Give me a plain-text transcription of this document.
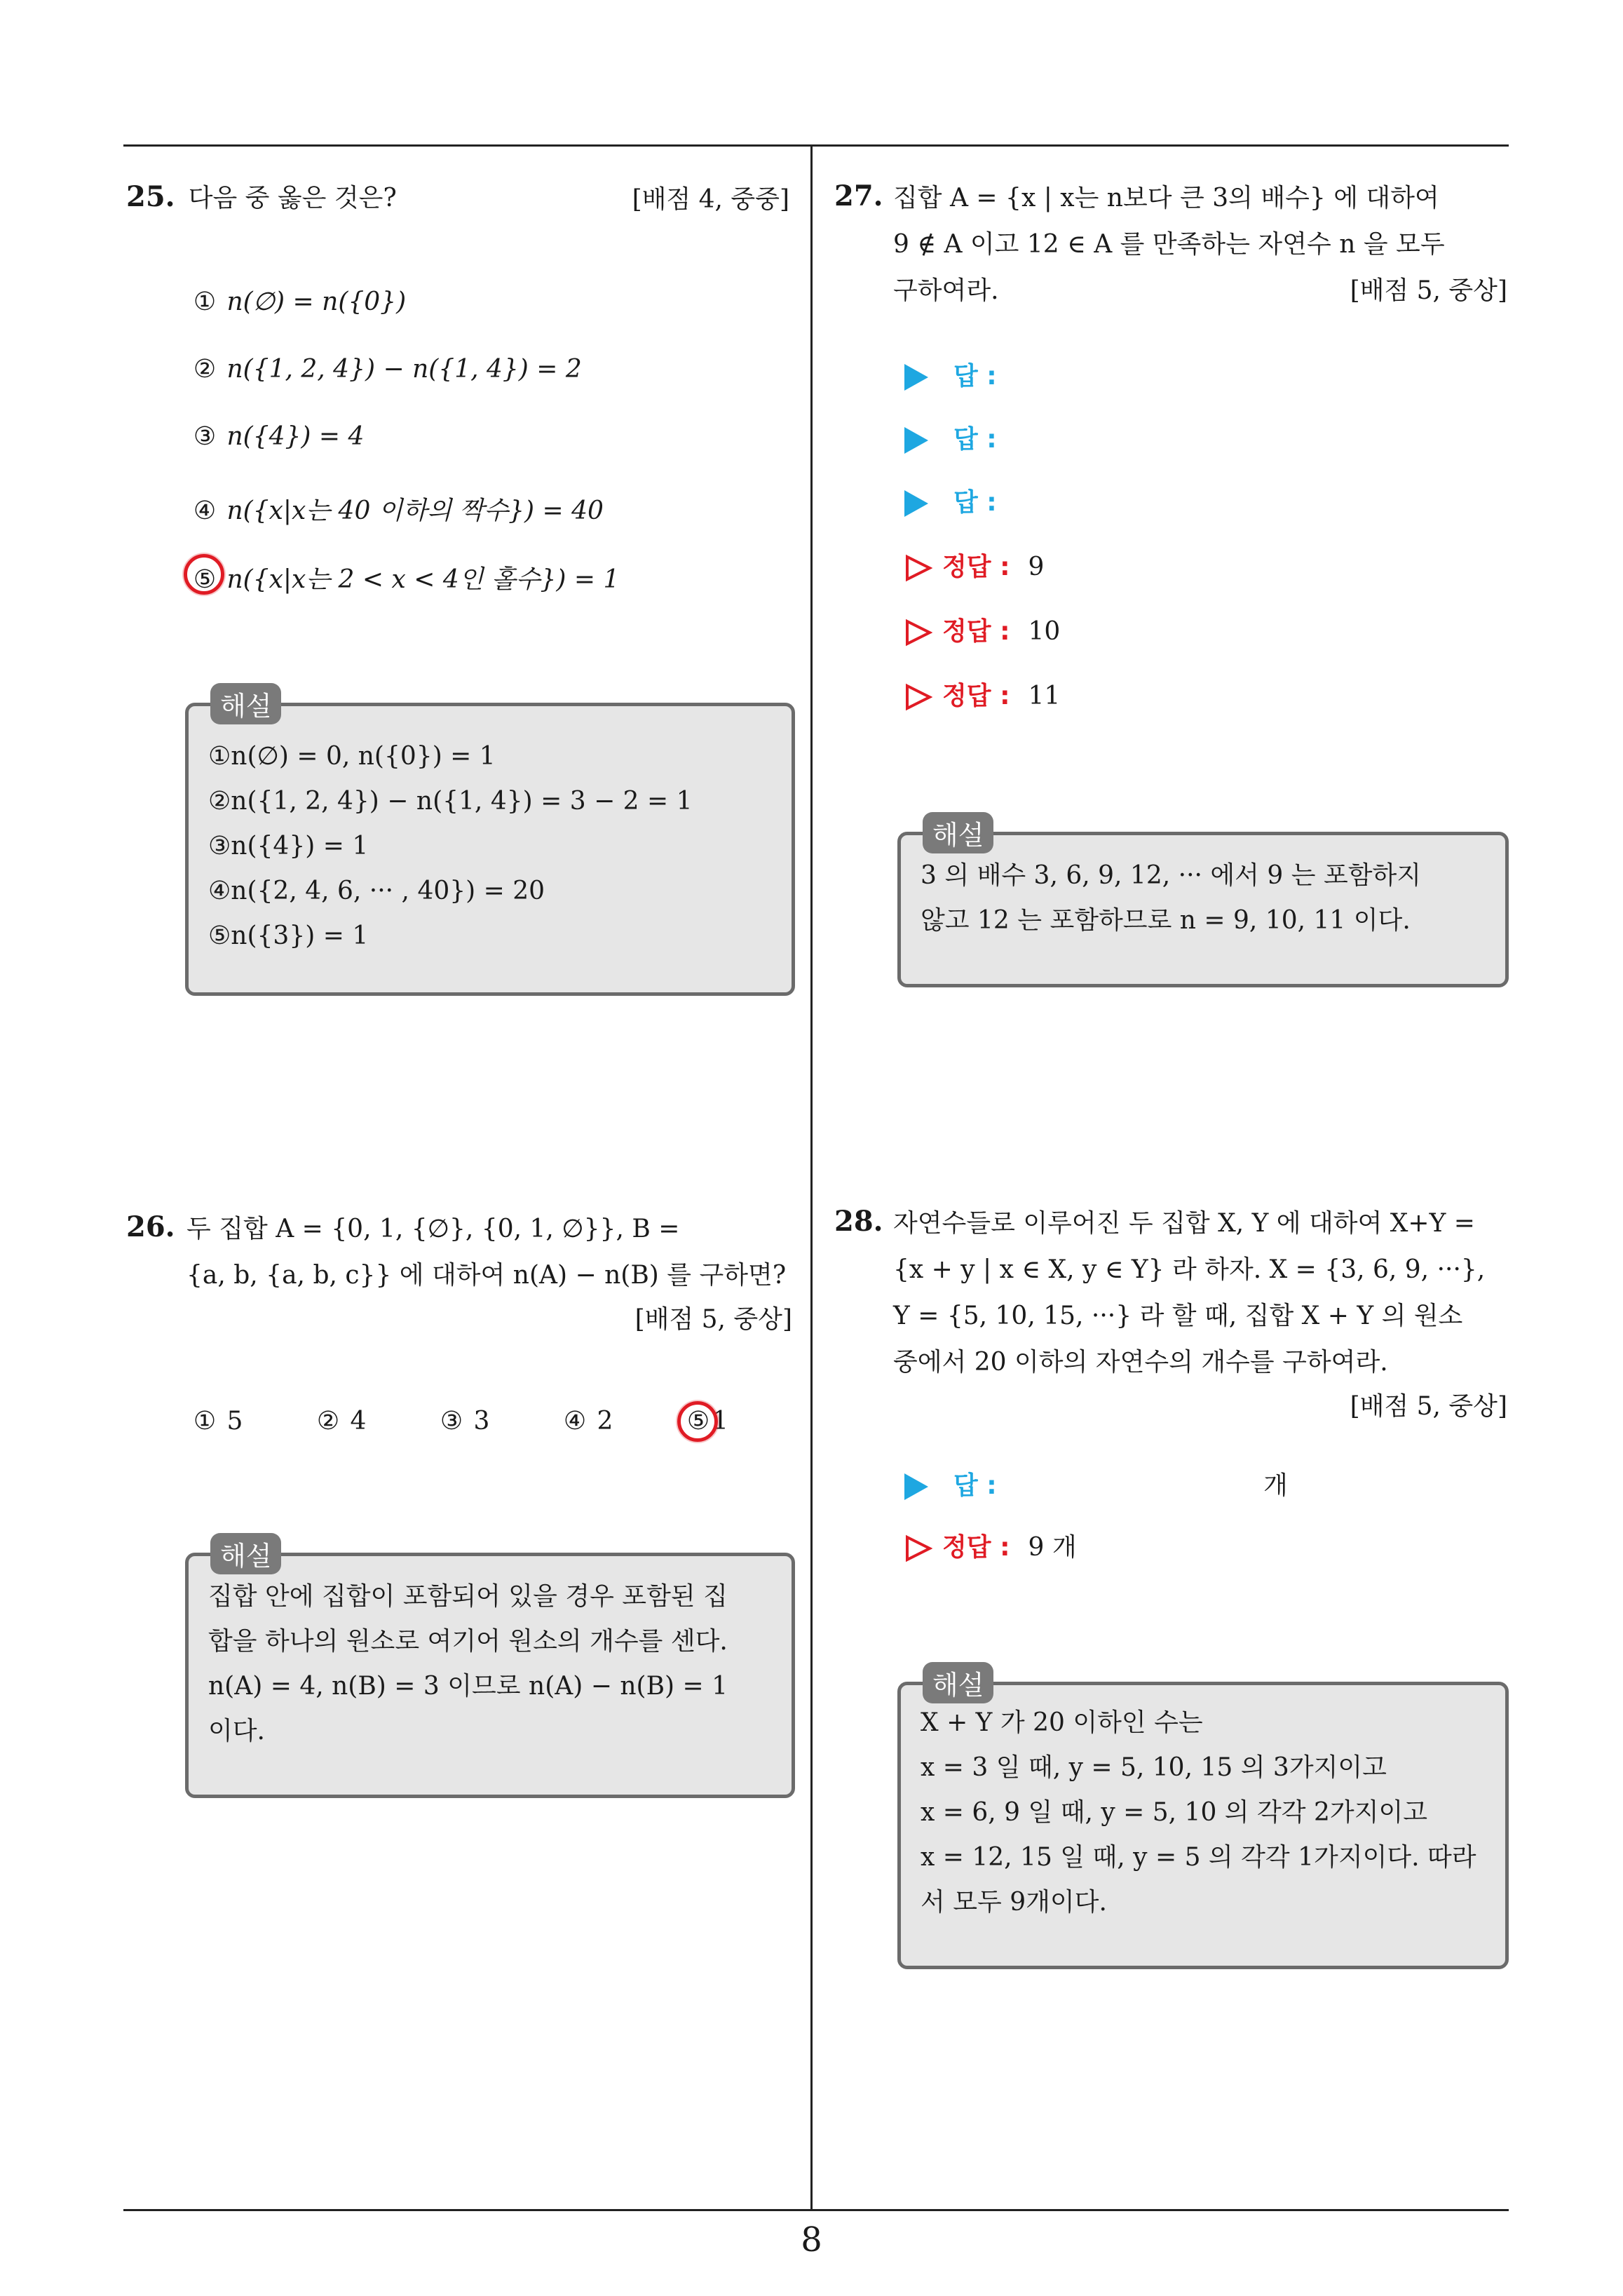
8
25. 다음 중 옳은 것은?	[배점 4, 중중]
① n(∅) = n({0})
② n({1, 2, 4}) − n({1, 4}) = 2
③ n({4}) = 4
④ n({x|x는 40 이하의 짝수}) = 40
⑤ n({x|x는 2 < x < 4인 홀수}) = 1
①n(∅) = 0, n({0}) = 1
②n({1, 2, 4}) − n({1, 4}) = 3 − 2 = 1
③n({4}) = 1
④n({2, 4, 6, ··· , 40}) = 20
⑤n({3}) = 1
해설
26. 두 집합 A = {0, 1, {∅}, {0, 1, ∅}}, B =
{a, b, {a, b, c}} 에 대하여 n(A) − n(B) 를 구하면?
[배점 5, 중상]
① 5	② 4	③ 3	④ 2	⑤ 1
집합 안에 집합이 포함되어 있을 경우 포함된 집
합을 하나의 원소로 여기어 원소의 개수를 센다.
n(A) = 4, n(B) = 3 이므로 n(A) − n(B) = 1
이다.
해설
27. 집합 A = {x | x는 n보다 큰 3의 배수} 에 대하여
9 ∉ A 이고 12 ∈ A 를 만족하는 자연수 n 을 모두
구하여라.	[배점 5, 중상]
답 :
답 :
답 :
정답 : 9
정답 : 10
정답 : 11
3 의 배수 3, 6, 9, 12, ··· 에서 9 는 포함하지
않고 12 는 포함하므로 n = 9, 10, 11 이다.
해설
28. 자연수들로 이루어진 두 집합 X, Y 에 대하여 X+Y =
{x + y | x ∈ X, y ∈ Y} 라 하자. X = {3, 6, 9, ···},
Y = {5, 10, 15, ···} 라 할 때, 집합 X + Y 의 원소
중에서 20 이하의 자연수의 개수를 구하여라.
[배점 5, 중상]
답 :	개
정답 : 9 개
X + Y 가 20 이하인 수는
x = 3 일 때, y = 5, 10, 15 의 3가지이고
x = 6, 9 일 때, y = 5, 10 의 각각 2가지이고
x = 12, 15 일 때, y = 5 의 각각 1가지이다. 따라
서 모두 9개이다.
해설
